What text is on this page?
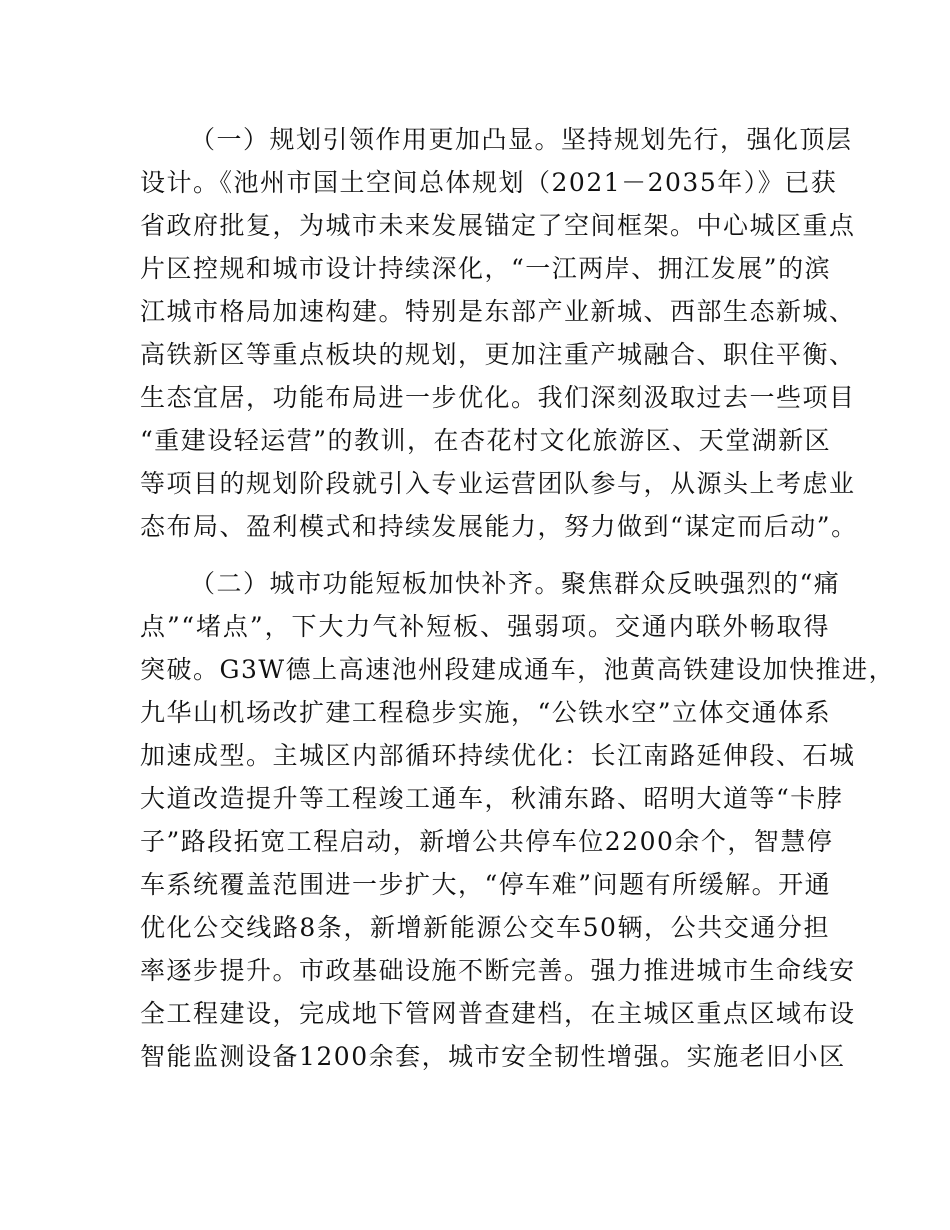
（一）规划引领作用更加凸显。坚持规划先行，强化顶层
设计。《池州市国土空间总体规划（2021－2035年）》已获
省政府批复，为城市未来发展锚定了空间框架。中心城区重点
片区控规和城市设计持续深化，“一江两岸、拥江发展”的滨
江城市格局加速构建。特别是东部产业新城、西部生态新城、
高铁新区等重点板块的规划，更加注重产城融合、职住平衡、
生态宜居，功能布局进一步优化。我们深刻汲取过去一些项目
“重建设轻运营”的教训，在杏花村文化旅游区、天堂湖新区
等项目的规划阶段就引入专业运营团队参与，从源头上考虑业
态布局、盈利模式和持续发展能力，努力做到“谋定而后动”。
（二）城市功能短板加快补齐。聚焦群众反映强烈的“痛
点”“堵点”，下大力气补短板、强弱项。交通内联外畅取得
突破。G3W德上高速池州段建成通车，池黄高铁建设加快推进，
九华山机场改扩建工程稳步实施，“公铁水空”立体交通体系
加速成型。主城区内部循环持续优化：长江南路延伸段、石城
大道改造提升等工程竣工通车，秋浦东路、昭明大道等“卡脖
子”路段拓宽工程启动，新增公共停车位2200余个，智慧停
车系统覆盖范围进一步扩大，“停车难”问题有所缓解。开通
优化公交线路8条，新增新能源公交车50辆，公共交通分担
率逐步提升。市政基础设施不断完善。强力推进城市生命线安
全工程建设，完成地下管网普查建档，在主城区重点区域布设
智能监测设备1200余套，城市安全韧性增强。实施老旧小区
